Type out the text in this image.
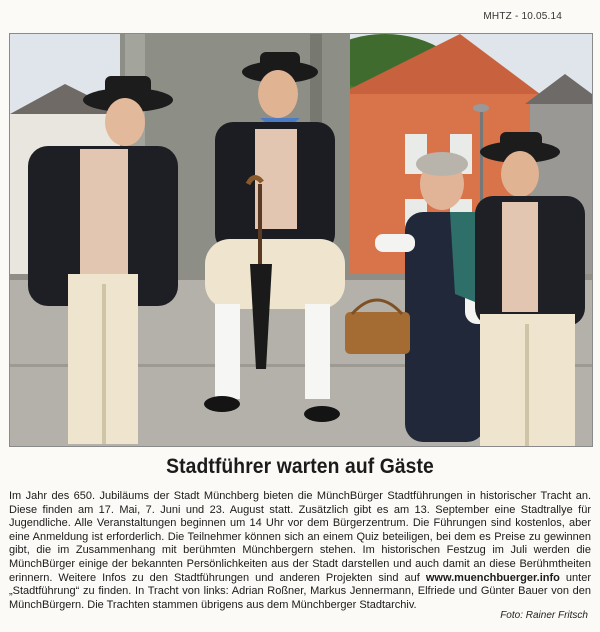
MHTZ - 10.05.14
Stadtführer warten auf Gäste
Im Jahr des 650. Jubiläums der Stadt Münchberg bieten die MünchBürger Stadtführungen in historischer Tracht an. Diese finden am 17. Mai, 7. Juni und 23. August statt. Zusätzlich gibt es am 13. September eine Stadtrallye für Jugendliche. Alle Veranstaltungen beginnen um 14 Uhr vor dem Bürgerzentrum. Die Führungen sind kostenlos, aber eine Anmeldung ist erforderlich. Die Teilnehmer können sich an einem Quiz beteiligen, bei dem es Preise zu gewinnen gibt, die im Zusammenhang mit berühmten Münchbergern stehen. Im historischen Festzug im Juli werden die MünchBürger einige der bekannten Persönlichkeiten aus der Stadt darstellen und auch damit an diese Berühmtheiten erinnern. Weitere Infos zu den Stadtführungen und anderen Projekten sind auf www.muenchbuerger.info unter „Stadtführung“ zu finden. In Tracht von links: Adrian Roßner, Markus Jennermann, Elfriede und Günter Bauer von den MünchBürgern. Die Trachten stammen übrigens aus dem Münchberger Stadtarchiv.
Foto: Rainer Fritsch
